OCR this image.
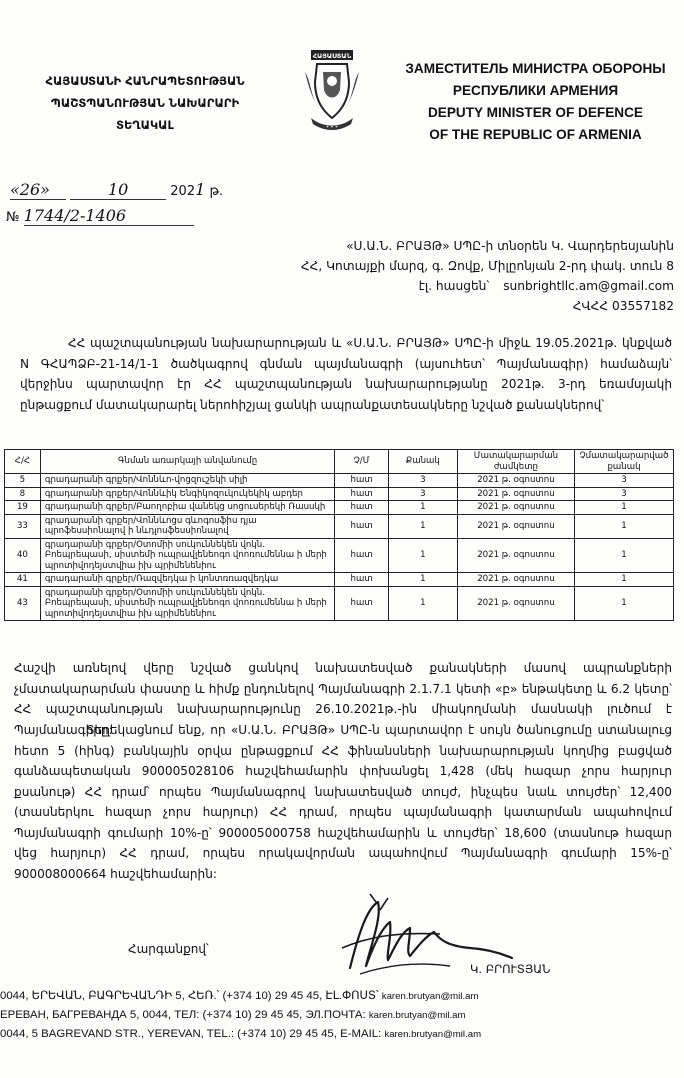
ՀԱՅԱՍՏԱՆԻ ՀԱՆՐԱՊԵՏՈՒԹՅԱՆ
ՊԱՇՏՊԱՆՈՒԹՅԱՆ ՆԱԽԱՐԱՐԻ
ՏԵՂԱԿԱԼ
ՀԱՅԱՍՏԱՆ
✶ ✶ ✶
ЗАМЕСТИТЕЛЬ МИНИСТРА ОБОРОНЫ
РЕСПУБЛИКИ АРМЕНИЯ
DEPUTY MINISTER OF DEFENCE
OF THE REPUBLIC OF ARMENIA
«26»	10	2021 թ.
№ 1744/2-1406
«Ս.Ա.Ն. ԲՐԱՅԹ» ՍՊԸ-ի տնօրեն Կ. Վարդերեսյանին
ՀՀ, Կոտայքի մարզ, գ. Զովք, Միլըոնյան 2-րդ փակ. տուն 8
էլ. հասցեն՝ sunbrightllc.am@gmail.com
ՀՎՀՀ 03557182
ՀՀ պաշտպանության նախարարության և «Ս.Ա.Ն. ԲՐԱՅԹ» ՍՊԸ-ի միջև 19.05.2021թ. կնքված N ԳՀԱՊՁԲ-21-14/1-1 ծածկագրով գնման պայմանագրի (այսուհետ՝ Պայմանագիր) համաձայն՝ վերջինս պարտավոր էր ՀՀ պաշտպանության նախարարությանը 2021թ. 3-րդ եռամսյակի ընթացքում մատակարարել ներոհիշյալ ցանկի ապրանքատեսակները նշված քանակներով՝
Հ/Հ	Գնման առարկայի անվանումը	Չ/Մ	Քանակ	Մատակարարման ժամկետը	Չմատակարարված քանակ
5	գրադարանի գրքեր/Վոննևո-վոցզուշեկի սիլի	հատ	3	2021 թ. օգոստոս	3
8	գրադարանի գրքեր/Վոննևիկ Ենգիկոզուկուկեկիկ աբդեր	հատ	3	2021 թ. օգոստոս	3
19	գրադարանի գրքեր/Բաողոբիա վանեկց սոցուսերեկի Ռասսկի	հատ	1	2021 թ. օգոստոս	1
33	գրադարանի գրքեր/Վոննևոցս գևոգոսֆիս դյա պրոֆեսսիոնալով ի նևդլոսֆեսսիոնալով	հատ	1	2021 թ. օգոստոս	1
40	գրադարանի գրքեր/Օտոմիի սուկուննեկեն վոկն. Բոեպրեպասի, սիստեմի ուպրավլենեոգո վոոռումեննա ի մերի պրոտիվոդեյստվիա իխ պրիմենենիու	հատ	1	2021 թ. օգոստոս	1
41	գրադարանի գրքեր/Ռազվեդկա ի կոնտռռազվեդկա	հատ	1	2021 թ. օգոստոս	1
43	գրադարանի գրքեր/Օտոմիի սուկուննեկեն վոկն. Բոեպրեպասի, սիստեմի ուպրավլենեոգո վոոռումեննա ի մերի պրոտիվոդեյստվիա իխ պրիմենենիու	հատ	1	2021 թ. օգոստոս	1
Հաշվի առնելով վերը նշված ցանկով նախատեսված քանակների մասով ապրանքների չմատակարարման փաստը և հիմք ընդունելով Պայմանագրի 2.1.7.1 կետի «բ» ենթակետը և 6.2 կետը՝ ՀՀ պաշտպանության նախարարությունը 26.10.2021թ.-ին միակողմանի մասնակի լուծում է Պայմանագիրը:
Տեղեկացնում ենք, որ «Ս.Ա.Ն. ԲՐԱՅԹ» ՍՊԸ-ն պարտավոր է սույն ծանուցումը ստանալուց հետո 5 (հինգ) բանկային օրվա ընթացքում ՀՀ ֆինանսների նախարարության կողմից բացված գանձապետական 900005028106 հաշվեհամարին փոխանցել 1,428 (մեկ հազար չորս հարյուր քսանութ) ՀՀ դրամ՝ որպես Պայմանագրով նախատեսված տույժ, ինչպես նաև տույժեր՝ 12,400 (տասներկու հազար չորս հարյուր) ՀՀ դրամ, որպես պայմանագրի կատարման ապահովում Պայմանագրի գումարի 10%-ը՝ 900005000758 հաշվեհամարին և տույժեր՝ 18,600 (տասնութ հազար վեց հարյուր) ՀՀ դրամ, որպես որակավորման ապահովում Պայմանագրի գումարի 15%-ը՝ 900008000664 հաշվեհամարին:
Հարգանքով՝
Կ. ԲՐՈՒՏՅԱՆ
0044, ԵՐԵՎԱՆ, ԲԱԳՐԵՎԱՆԴԻ 5, ՀԵՌ.՝ (+374 10) 29 45 45, ԷԼ.ՓՈՍՏ՝ karen.brutyan@mil.am
ЕРЕВАН, БАГРЕВАНДА 5, 0044, ТЕЛ: (+374 10) 29 45 45, ЭЛ.ПОЧТА: karen.brutyan@mil.am
0044, 5 BAGREVAND STR., YEREVAN, TEL.: (+374 10) 29 45 45, E-MAIL: karen.brutyan@mil.am
